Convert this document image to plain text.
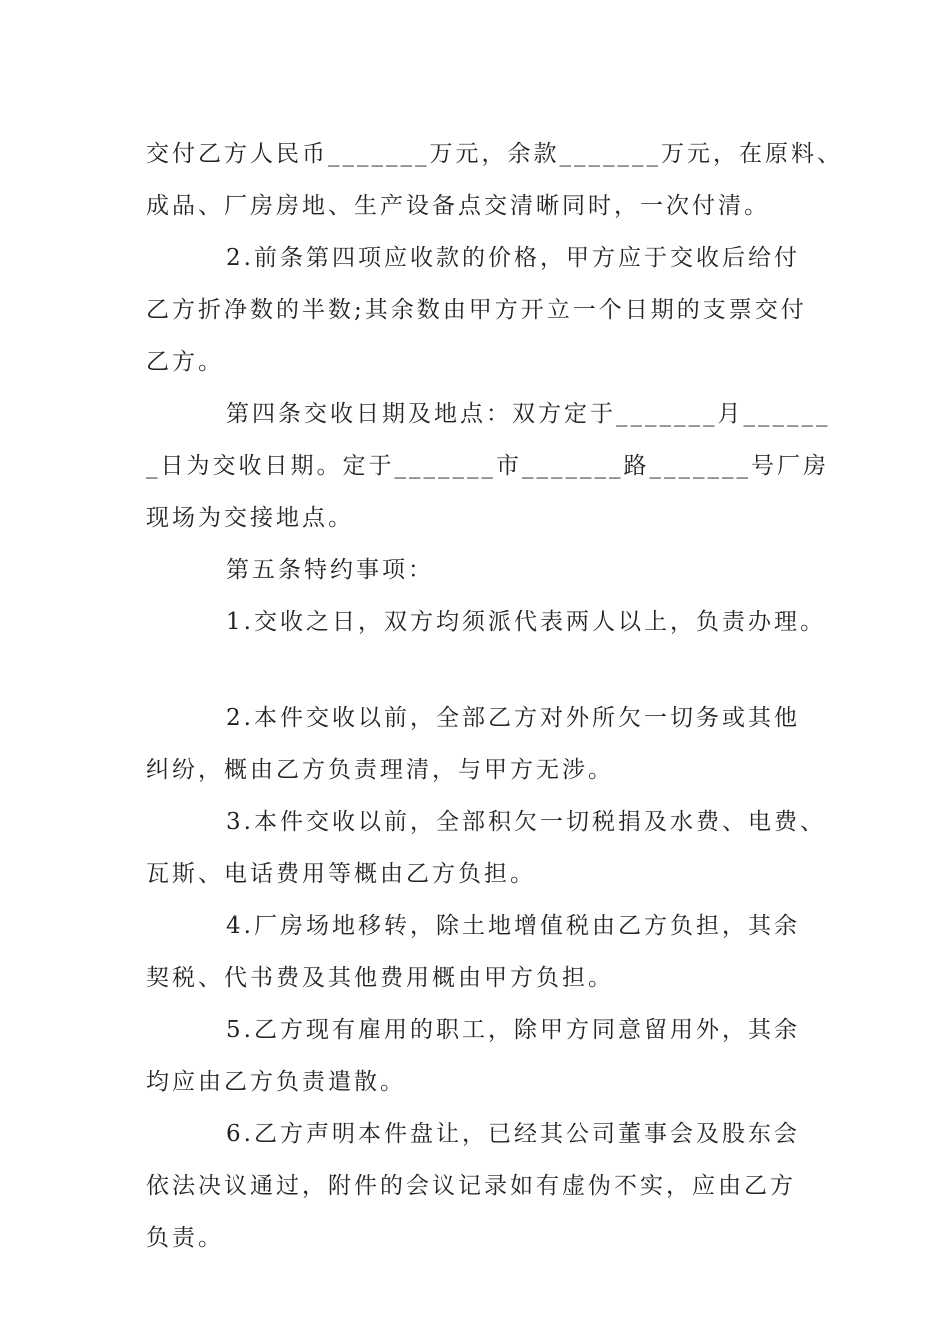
交付乙方人民币_______万元，余款_______万元，在原料、
成品、厂房房地、生产设备点交清晰同时，一次付清。
2.前条第四项应收款的价格，甲方应于交收后给付
乙方折净数的半数;其余数由甲方开立一个日期的支票交付
乙方。
第四条交收日期及地点：双方定于_______月______
_日为交收日期。定于_______市_______路_______号厂房
现场为交接地点。
第五条特约事项：
1.交收之日，双方均须派代表两人以上，负责办理。
2.本件交收以前，全部乙方对外所欠一切务或其他
纠纷，概由乙方负责理清，与甲方无涉。
3.本件交收以前，全部积欠一切税捐及水费、电费、
瓦斯、电话费用等概由乙方负担。
4.厂房场地移转，除土地增值税由乙方负担，其余
契税、代书费及其他费用概由甲方负担。
5.乙方现有雇用的职工，除甲方同意留用外，其余
均应由乙方负责遣散。
6.乙方声明本件盘让，已经其公司董事会及股东会
依法决议通过，附件的会议记录如有虚伪不实，应由乙方
负责。
